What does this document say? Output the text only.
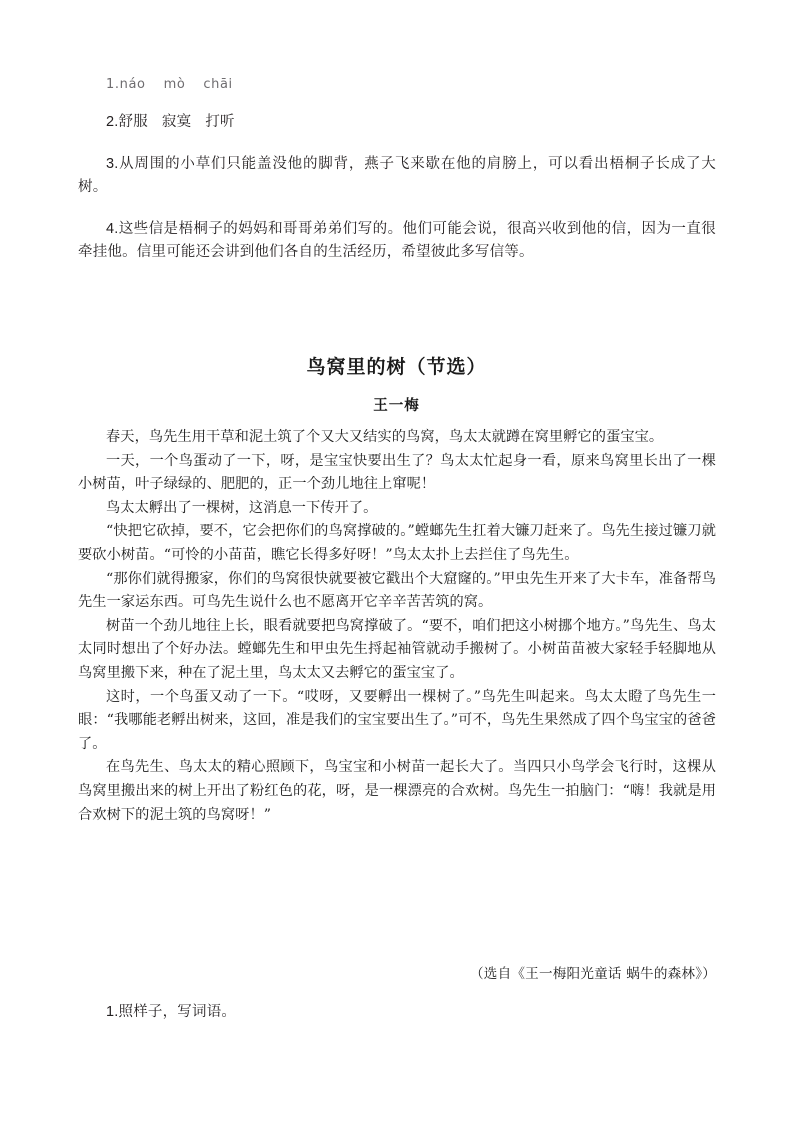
1.náo mò chāi

2.舒服 寂寞 打听

3.从周围的小草们只能盖没他的脚背，燕子飞来歇在他的肩膀上，可以看出梧桐子长成了大树。

4.这些信是梧桐子的妈妈和哥哥弟弟们写的。他们可能会说，很高兴收到他的信，因为一直很牵挂他。信里可能还会讲到他们各自的生活经历，希望彼此多写信等。

鸟窝里的树（节选）
王一梅

春天，鸟先生用干草和泥土筑了个又大又结实的鸟窝，鸟太太就蹲在窝里孵它的蛋宝宝。

一天，一个鸟蛋动了一下，呀，是宝宝快要出生了？鸟太太忙起身一看，原来鸟窝里长出了一棵小树苗，叶子绿绿的、肥肥的，正一个劲儿地往上窜呢！

鸟太太孵出了一棵树，这消息一下传开了。

“快把它砍掉，要不，它会把你们的鸟窝撑破的。”螳螂先生扛着大镰刀赶来了。鸟先生接过镰刀就要砍小树苗。“可怜的小苗苗，瞧它长得多好呀！”鸟太太扑上去拦住了鸟先生。

“那你们就得搬家，你们的鸟窝很快就要被它戳出个大窟窿的。”甲虫先生开来了大卡车，准备帮鸟先生一家运东西。可鸟先生说什么也不愿离开它辛辛苦苦筑的窝。

树苗一个劲儿地往上长，眼看就要把鸟窝撑破了。“要不，咱们把这小树挪个地方。”鸟先生、鸟太太同时想出了个好办法。螳螂先生和甲虫先生捋起袖管就动手搬树了。小树苗苗被大家轻手轻脚地从鸟窝里搬下来，种在了泥土里，鸟太太又去孵它的蛋宝宝了。

这时，一个鸟蛋又动了一下。“哎呀，又要孵出一棵树了。”鸟先生叫起来。鸟太太瞪了鸟先生一眼：“我哪能老孵出树来，这回，准是我们的宝宝要出生了。”可不，鸟先生果然成了四个鸟宝宝的爸爸了。

在鸟先生、鸟太太的精心照顾下，鸟宝宝和小树苗一起长大了。当四只小鸟学会飞行时，这棵从鸟窝里搬出来的树上开出了粉红色的花，呀，是一棵漂亮的合欢树。鸟先生一拍脑门：“嗨！我就是用合欢树下的泥土筑的鸟窝呀！”

（选自《王一梅阳光童话 蜗牛的森林》）
1.照样子，写词语。
